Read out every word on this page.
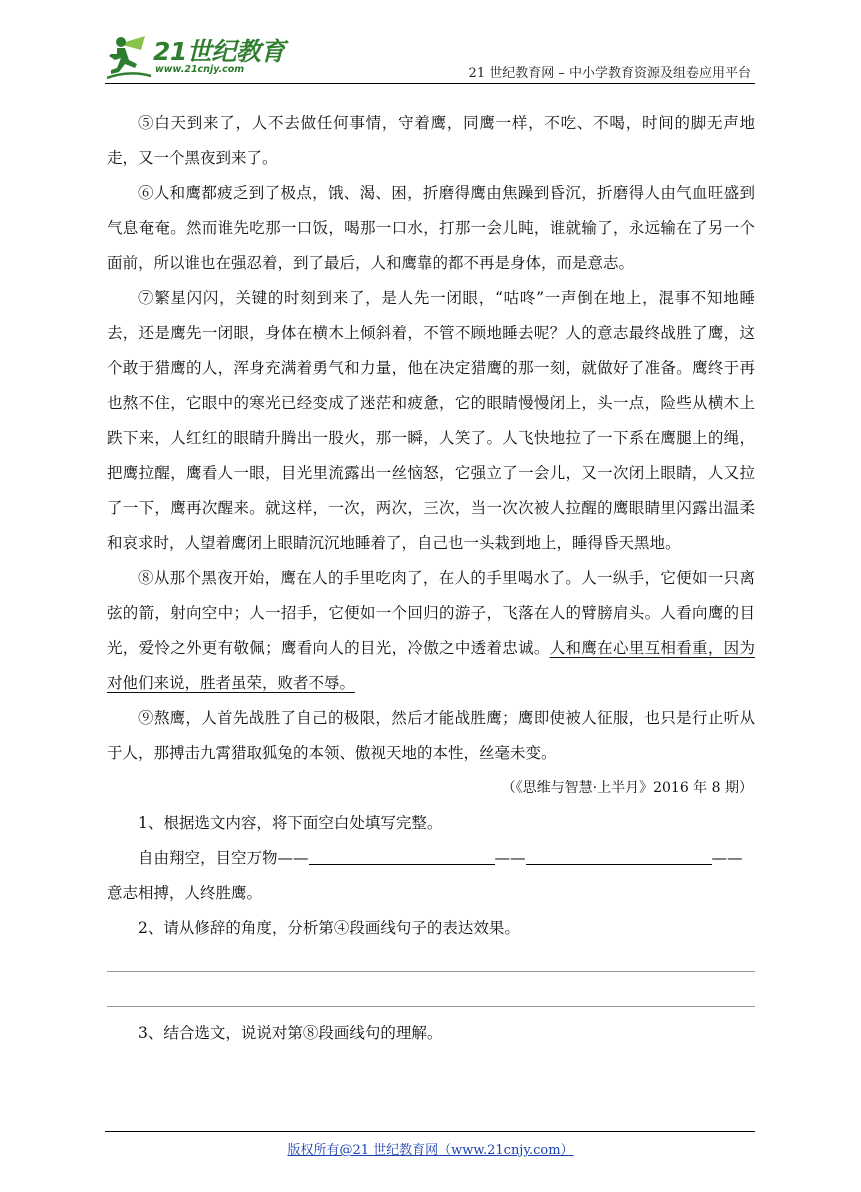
21世纪教育
www.21cnjy.com	21 世纪教育网 – 中小学教育资源及组卷应用平台

⑤白天到来了，人不去做任何事情，守着鹰，同鹰一样，不吃、不喝，时间的脚无声地走，又一个黑夜到来了。

⑥人和鹰都疲乏到了极点，饿、渴、困，折磨得鹰由焦躁到昏沉，折磨得人由气血旺盛到气息奄奄。然而谁先吃那一口饭，喝那一口水，打那一会儿盹，谁就输了，永远输在了另一个面前，所以谁也在强忍着，到了最后，人和鹰靠的都不再是身体，而是意志。

⑦繁星闪闪，关键的时刻到来了，是人先一闭眼，“咕咚”一声倒在地上，混事不知地睡去，还是鹰先一闭眼，身体在横木上倾斜着，不管不顾地睡去呢？人的意志最终战胜了鹰，这个敢于猎鹰的人，浑身充满着勇气和力量，他在决定猎鹰的那一刻，就做好了准备。鹰终于再也熬不住，它眼中的寒光已经变成了迷茫和疲惫，它的眼睛慢慢闭上，头一点，险些从横木上跌下来，人红红的眼睛升腾出一股火，那一瞬，人笑了。人飞快地拉了一下系在鹰腿上的绳，把鹰拉醒，鹰看人一眼，目光里流露出一丝恼怒，它强立了一会儿，又一次闭上眼睛，人又拉了一下，鹰再次醒来。就这样，一次，两次，三次，当一次次被人拉醒的鹰眼睛里闪露出温柔和哀求时，人望着鹰闭上眼睛沉沉地睡着了，自己也一头栽到地上，睡得昏天黑地。

⑧从那个黑夜开始，鹰在人的手里吃肉了，在人的手里喝水了。人一纵手，它便如一只离弦的箭，射向空中；人一招手，它便如一个回归的游子，飞落在人的臂膀肩头。人看向鹰的目光，爱怜之外更有敬佩；鹰看向人的目光，冷傲之中透着忠诚。人和鹰在心里互相看重，因为对他们来说，胜者虽荣，败者不辱。

⑨熬鹰，人首先战胜了自己的极限，然后才能战胜鹰；鹰即使被人征服，也只是行止听从于人，那搏击九霄猎取狐兔的本领、傲视天地的本性，丝毫未变。

（《思维与智慧·上半月》2016 年 8 期）

1、根据选文内容，将下面空白处填写完整。

自由翔空，目空万物——	——	——

意志相搏，人终胜鹰。

2、请从修辞的角度，分析第④段画线句子的表达效果。

3、结合选文，说说对第⑧段画线句的理解。

版权所有@21 世纪教育网（www.21cnjy.com）
